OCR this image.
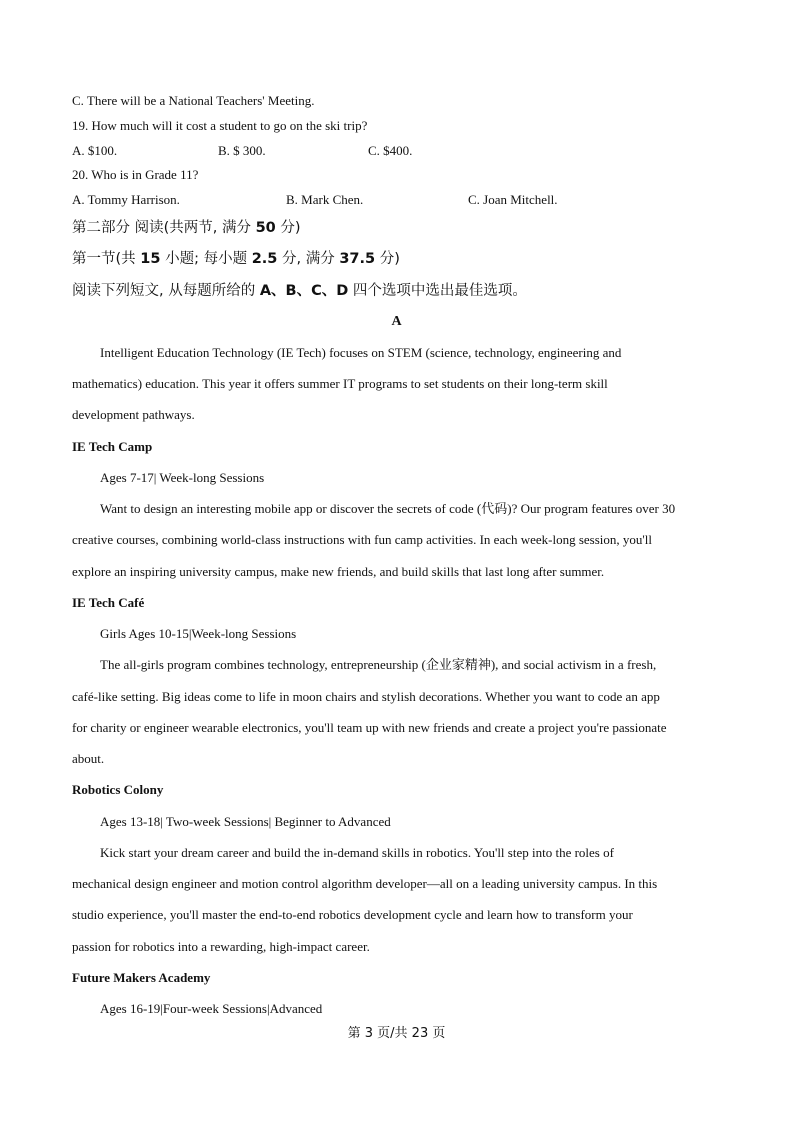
C. There will be a National Teachers' Meeting.
19. How much will it cost a student to go on the ski trip?
A. $100.	B. $ 300.	C. $400.
20. Who is in Grade 11?
A. Tommy Harrison.	B. Mark Chen.	C. Joan Mitchell.
第二部分 阅读(共两节, 满分 50 分)
第一节(共 15 小题; 每小题 2.5 分, 满分 37.5 分)
阅读下列短文, 从每题所给的 A、B、C、D 四个选项中选出最佳选项。
A
Intelligent Education Technology (IE Tech) focuses on STEM (science, technology, engineering and
mathematics) education. This year it offers summer IT programs to set students on their long-term skill
development pathways.
IE Tech Camp
Ages 7-17| Week-long Sessions
Want to design an interesting mobile app or discover the secrets of code (代码)? Our program features over 30
creative courses, combining world-class instructions with fun camp activities. In each week-long session, you'll
explore an inspiring university campus, make new friends, and build skills that last long after summer.
IE Tech Café
Girls Ages 10-15|Week-long Sessions
The all-girls program combines technology, entrepreneurship (企业家精神), and social activism in a fresh,
café-like setting. Big ideas come to life in moon chairs and stylish decorations. Whether you want to code an app
for charity or engineer wearable electronics, you'll team up with new friends and create a project you're passionate
about.
Robotics Colony
Ages 13-18| Two-week Sessions| Beginner to Advanced
Kick start your dream career and build the in-demand skills in robotics. You'll step into the roles of
mechanical design engineer and motion control algorithm developer—all on a leading university campus. In this
studio experience, you'll master the end-to-end robotics development cycle and learn how to transform your
passion for robotics into a rewarding, high-impact career.
Future Makers Academy
Ages 16-19|Four-week Sessions|Advanced
第 3 页/共 23 页
